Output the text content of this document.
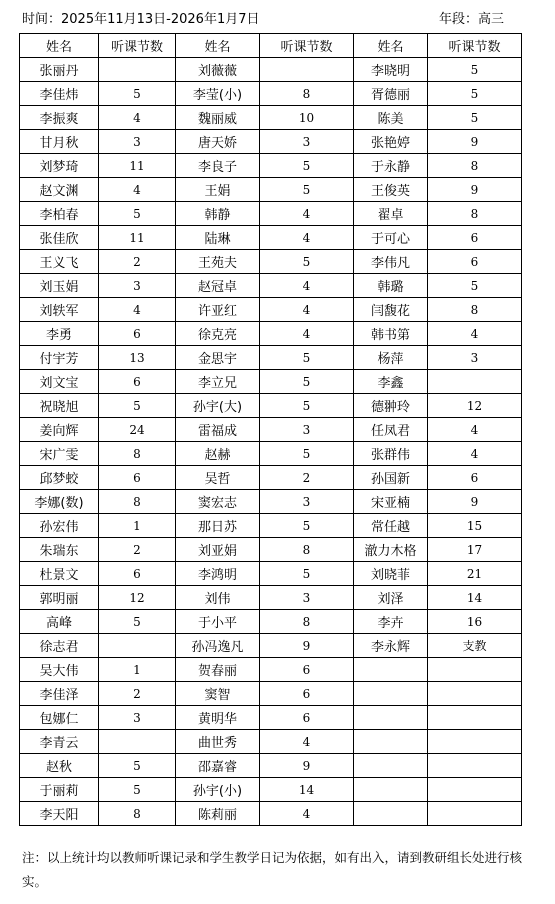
时间：2025年11月13日-2026年1月7日	年段：高三
姓名	听课节数	姓名	听课节数	姓名	听课节数
张丽丹		刘薇薇		李晓明	5
李佳炜	5	李莹(小)	8	胥德丽	5
李振爽	4	魏丽威	10	陈美	5
甘月秋	3	唐天娇	3	张艳婷	9
刘梦琦	11	李良子	5	于永静	8
赵文渊	4	王娟	5	王俊英	9
李柏春	5	韩静	4	翟卓	8
张佳欣	11	陆琳	4	于可心	6
王义飞	2	王苑夫	5	李伟凡	6
刘玉娟	3	赵冠卓	4	韩璐	5
刘轶军	4	许亚红	4	闫馥花	8
李勇	6	徐克亮	4	韩书第	4
付宇芳	13	金思宇	5	杨萍	3
刘文宝	6	李立兄	5	李鑫	
祝晓旭	5	孙宇(大)	5	德翀玲	12
姜向辉	24	雷福成	3	任凤君	4
宋广雯	8	赵赫	5	张群伟	4
邱梦蛟	6	吴哲	2	孙国新	6
李娜(数)	8	窦宏志	3	宋亚楠	9
孙宏伟	1	那日苏	5	常任越	15
朱瑞东	2	刘亚娟	8	澈力木格	17
杜景文	6	李鸿明	5	刘晓菲	21
郭明丽	12	刘伟	3	刘泽	14
高峰	5	于小平	8	李卉	16
徐志君		孙冯逸凡	9	李永辉	支教
吴大伟	1	贺春丽	6		
李佳泽	2	窦智	6		
包娜仁	3	黄明华	6		
李青云		曲世秀	4		
赵秋	5	邵嘉睿	9		
于丽莉	5	孙宇(小)	14		
李天阳	8	陈莉丽	4		
注：以上统计均以教师听课记录和学生教学日记为依据，如有出入，请到教研组长处进行核实。
